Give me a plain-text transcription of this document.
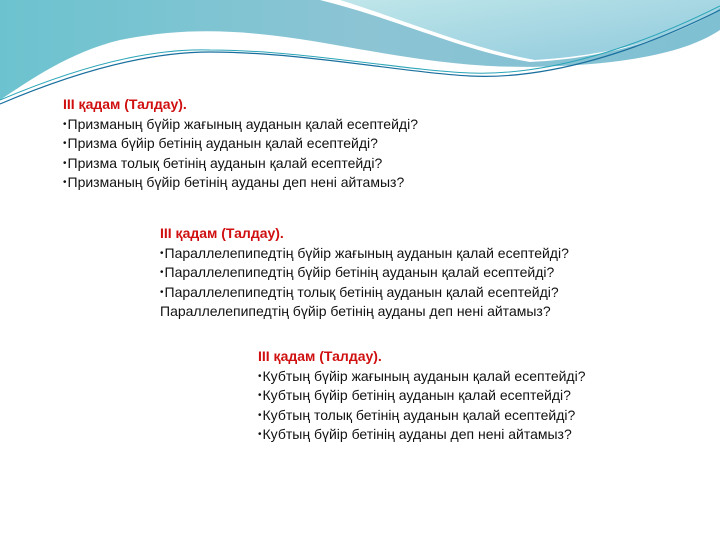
ІІІ қадам (Талдау).
• Призманың бүйір жағының ауданын қалай есептейді?
• Призма бүйір бетінің ауданын қалай есептейді?
• Призма толық бетінің ауданын қалай есептейді?
• Призманың бүйір бетінің ауданы деп нені айтамыз?
ІІІ қадам (Талдау).
• Параллелепипедтің бүйір жағының ауданын қалай есептейді?
• Параллелепипедтің бүйір бетінің ауданын қалай есептейді?
• Параллелепипедтің толық бетінің ауданын қалай есептейді?
Параллелепипедтің бүйір бетінің ауданы деп нені айтамыз?
ІІІ қадам (Талдау).
• Кубтың бүйір жағының ауданын қалай есептейді?
• Кубтың бүйір бетінің ауданын қалай есептейді?
• Кубтың толық бетінің ауданын қалай есептейді?
• Кубтың бүйір бетінің ауданы деп нені айтамыз?
